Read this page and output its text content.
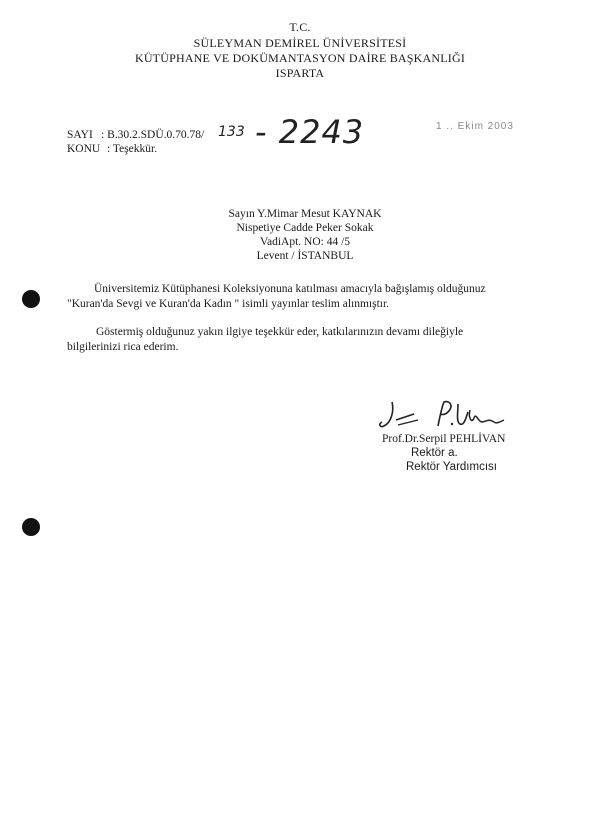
T.C.
SÜLEYMAN DEMİREL ÜNİVERSİTESİ
KÜTÜPHANE VE DOKÜMANTASYON DAİRE BAŞKANLIĞI
ISPARTA
SAYI : B.30.2.SDÜ.0.70.78/ 133 - 2243
KONU : Teşekkür.
1 .. Ekim 2003
Sayın Y.Mimar Mesut KAYNAK
Nispetiye Cadde Peker Sokak
VadiApt. NO: 44 /5
Levent / İSTANBUL
Üniversitemiz Kütüphanesi Koleksiyonuna katılması amacıyla bağışlamış olduğunuz
"Kuran'da Sevgi ve Kuran'da Kadın " isimli yayınlar teslim alınmıştır.
Göstermiş olduğunuz yakın ilgiye teşekkür eder, katkılarınızın devamı dileğiyle
bilgilerinizi rica ederim.
Prof.Dr.Serpil PEHLİVAN
Rektör a.
Rektör Yardımcısı
